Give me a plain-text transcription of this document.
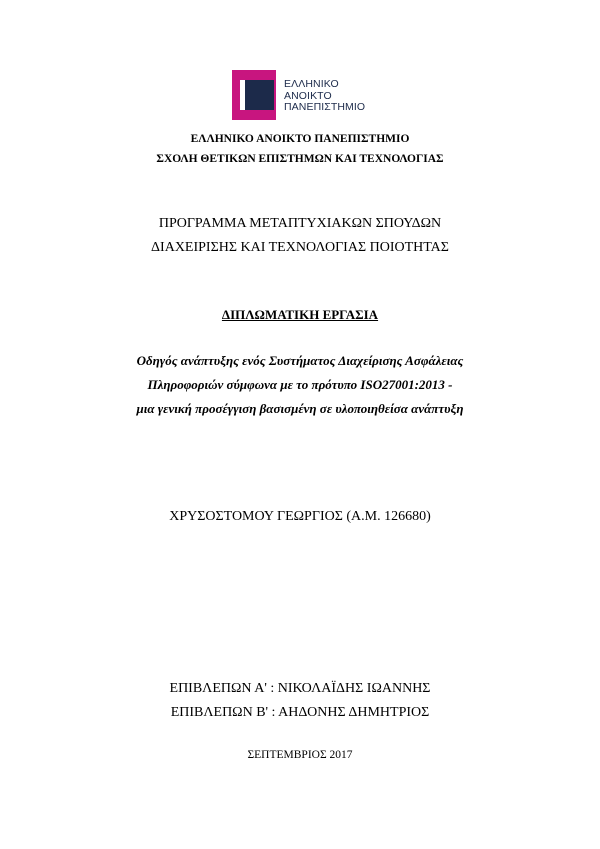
ΕΛΛΗΝΙΚΟ
ΑΝΟΙΚΤΟ
ΠΑΝΕΠΙΣΤΗΜΙΟ
ΕΛΛΗΝΙΚΟ ΑΝΟΙΚΤΟ ΠΑΝΕΠΙΣΤΗΜΙΟ
ΣΧΟΛΗ ΘΕΤΙΚΩΝ ΕΠΙΣΤΗΜΩΝ ΚΑΙ ΤΕΧΝΟΛΟΓΙΑΣ
ΠΡΟΓΡΑΜΜΑ ΜΕΤΑΠΤΥΧΙΑΚΩΝ ΣΠΟΥΔΩΝ
ΔΙΑΧΕΙΡΙΣΗΣ ΚΑΙ ΤΕΧΝΟΛΟΓΙΑΣ ΠΟΙΟΤΗΤΑΣ
ΔΙΠΛΩΜΑΤΙΚΗ ΕΡΓΑΣΙΑ
Οδηγός ανάπτυξης ενός Συστήματος Διαχείρισης Ασφάλειας
Πληροφοριών σύμφωνα με το πρότυπο ISO27001:2013 -
μια γενική προσέγγιση βασισμένη σε υλοποιηθείσα ανάπτυξη
ΧΡΥΣΟΣΤΟΜΟΥ ΓΕΩΡΓΙΟΣ (Α.Μ. 126680)
ΕΠΙΒΛΕΠΩΝ Α' : ΝΙΚΟΛΑΪΔΗΣ ΙΩΑΝΝΗΣ
ΕΠΙΒΛΕΠΩΝ Β' : ΑΗΔΟΝΗΣ ΔΗΜΗΤΡΙΟΣ
ΣΕΠΤΕΜΒΡΙΟΣ 2017
